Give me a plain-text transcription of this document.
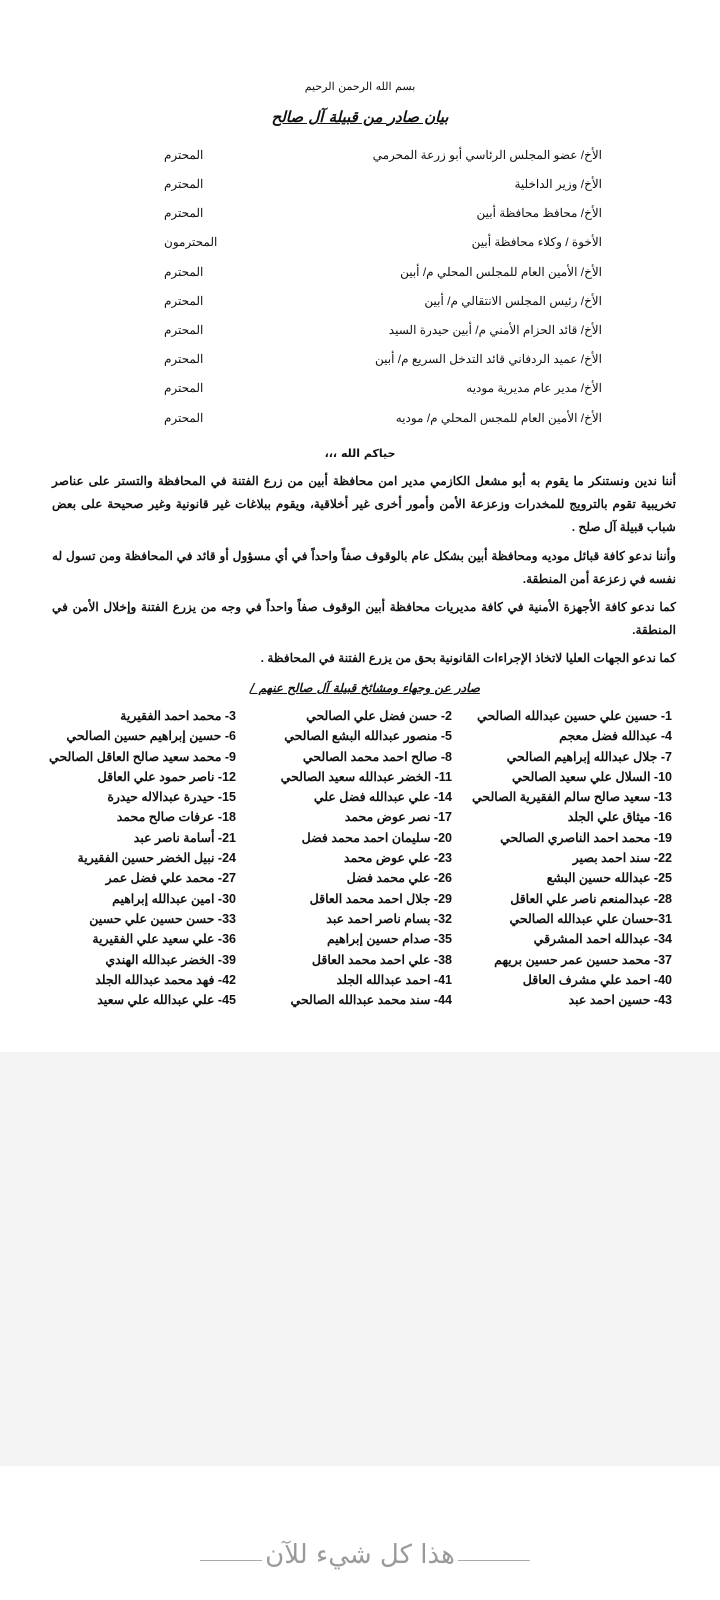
بسم الله الرحمن الرحيم
بيان صادر من قبيلة آل صالح
الأخ/ عضو المجلس الرئاسي أبو زرعة المحرمي
المحترم
الأخ/ وزير الداخلية
المحترم
الأخ/ محافظ محافظة أبين
المحترم
الأخوة / وكلاء محافظة أبين
المحترمون
الأخ/ الأمين العام للمجلس المحلي م/ أبين
المحترم
الأخ/ رئيس المجلس الانتقالي م/ أبين
المحترم
الأخ/ قائد الحزام الأمني م/ أبين حيدرة السيد
المحترم
الأخ/ عميد الردفاني قائد التدخل السريع م/ أبين
المحترم
الأخ/ مدير عام مديرية موديه
المحترم
الأخ/ الأمين العام للمجس المحلي م/ موديه
المحترم
حياكم الله ،،،
أننا ندين ونستنكر ما يقوم به أبو مشعل الكازمي مدير امن محافظة أبين من زرع الفتنة في المحافظة والتستر على عناصر تخريبية تقوم بالترويج للمخدرات وزعزعة الأمن وأمور أخرى غير أخلاقية، ويقوم ببلاغات غير قانونية وغير صحيحة على بعض شباب قبيلة آل صلح .
وأننا ندعو كافة قبائل موديه ومحافظة أبين بشكل عام بالوقوف صفاً واحداً في أي مسؤول أو قائد في المحافظة ومن تسول له نفسه في زعزعة أمن المنطقة.
كما ندعو كافة الأجهزة الأمنية في كافة مديريات محافظة أبين الوقوف صفاً واحداً في وجه من يزرع الفتنة وإخلال الأمن في المنطقة.
كما ندعو الجهات العليا لاتخاذ الإجراءات القانونية بحق من يزرع الفتنة في المحافظة .
صادر عن وجهاء ومشائخ قبيلة آل صالح عنهم /
1- حسين علي حسين عبدالله الصالحي
2- حسن فضل علي الصالحي
3- محمد احمد الفقيرية
4- عبدالله فضل معجم
5- منصور عبدالله البشع الصالحي
6- حسين إبراهيم حسين الصالحي
7- جلال عبدالله إبراهيم الصالحي
8- صالح احمد محمد الصالحي
9- محمد سعيد صالح العاقل الصالحي
10- السلال علي سعيد الصالحي
11- الخضر عبدالله سعيد الصالحي
12- ناصر حمود علي العاقل
13- سعيد صالح سالم الفقيرية الصالحي
14- علي عبدالله فضل علي
15- حيدرة عبدالاله حيدرة
16- ميثاق علي الجلد
17- نصر عوض محمد
18- عرفات صالح محمد
19- محمد احمد الناصري الصالحي
20- سليمان احمد محمد فضل
21- أسامة ناصر عبد
22- سند احمد بصير
23- علي عوض محمد
24- نبيل الخضر حسين الفقيرية
25- عبدالله حسين البشع
26- علي محمد فضل
27- محمد علي فضل عمر
28- عبدالمنعم ناصر علي العاقل
29- جلال احمد محمد العاقل
30- امين عبدالله إبراهيم
31-حسان علي عبدالله الصالحي
32- بسام ناصر احمد عبد
33- حسن حسين علي حسين
34- عبدالله احمد المشرقي
35- صدام حسين إبراهيم
36- علي سعيد علي الفقيرية
37- محمد حسين عمر حسين بريهم
38- علي احمد محمد العاقل
39- الخضر عبدالله الهندي
40- احمد علي مشرف العاقل
41- احمد عبدالله الجلد
42- فهد محمد عبدالله الجلد
43- حسين احمد عبد
44- سند محمد عبدالله الصالحي
45- علي عبدالله علي سعيد
هذا كل شيء للآن
